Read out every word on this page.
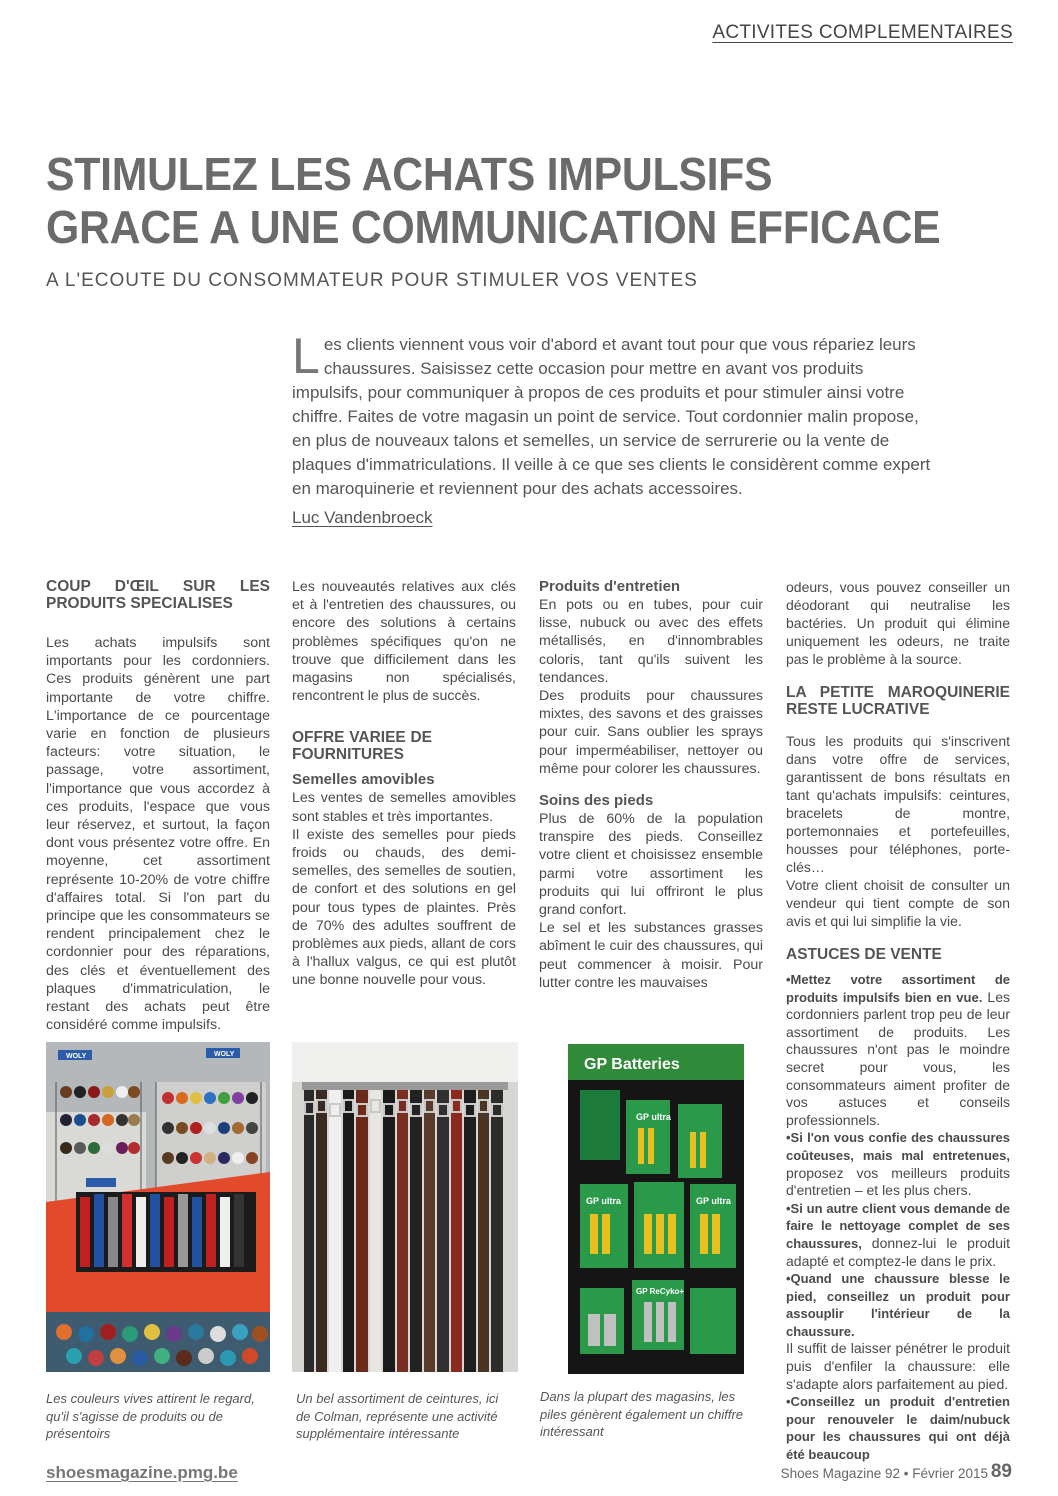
ACTIVITES COMPLEMENTAIRES
STIMULEZ LES ACHATS IMPULSIFS
GRACE A UNE COMMUNICATION EFFICACE
A L'ECOUTE DU CONSOMMATEUR POUR STIMULER VOS VENTES
Les clients viennent vous voir d'abord et avant tout pour que vous répariez leurs chaussures. Saisissez cette occasion pour mettre en avant vos produits impulsifs, pour communiquer à propos de ces produits et pour stimuler ainsi votre chiffre. Faites de votre magasin un point de service. Tout cordonnier malin propose, en plus de nouveaux talons et semelles, un service de serrurerie ou la vente de plaques d'immatriculations. Il veille à ce que ses clients le considèrent comme expert en maroquinerie et reviennent pour des achats accessoires.
Luc Vandenbroeck

COUP D'ŒIL SUR LES PRODUITS SPECIALISES

Les achats impulsifs sont importants pour les cordonniers. Ces produits génèrent une part importante de votre chiffre. L'importance de ce pourcentage varie en fonction de plusieurs facteurs: votre situation, le passage, votre assortiment, l'importance que vous accordez à ces produits, l'espace que vous leur réservez, et surtout, la façon dont vous présentez votre offre. En moyenne, cet assortiment représente 10-20% de votre chiffre d'affaires total. Si l'on part du principe que les consommateurs se rendent principalement chez le cordonnier pour des réparations, des clés et éventuellement des plaques d'immatriculation, le restant des achats peut être considéré comme impulsifs.

Les nouveautés relatives aux clés et à l'entretien des chaussures, ou encore des solutions à certains problèmes spécifiques qu'on ne trouve que difficilement dans les magasins non spécialisés, rencontrent le plus de succès.

OFFRE VARIEE DE FOURNITURES

Semelles amovibles

Les ventes de semelles amovibles sont stables et très importantes.

Il existe des semelles pour pieds froids ou chauds, des demi-semelles, des semelles de soutien, de confort et des solutions en gel pour tous types de plaintes. Près de 70% des adultes souffrent de problèmes aux pieds, allant de cors à l'hallux valgus, ce qui est plutôt une bonne nouvelle pour vous.

Produits d'entretien

En pots ou en tubes, pour cuir lisse, nubuck ou avec des effets métallisés, en d'innombrables coloris, tant qu'ils suivent les tendances.

Des produits pour chaussures mixtes, des savons et des graisses pour cuir. Sans oublier les sprays pour imperméabiliser, nettoyer ou même pour colorer les chaussures.

Soins des pieds

Plus de 60% de la population transpire des pieds. Conseillez votre client et choisissez ensemble parmi votre assortiment les produits qui lui offriront le plus grand confort.

Le sel et les substances grasses abîment le cuir des chaussures, qui peut commencer à moisir. Pour lutter contre les mauvaises

odeurs, vous pouvez conseiller un déodorant qui neutralise les bactéries. Un produit qui élimine uniquement les odeurs, ne traite pas le problème à la source.

LA PETITE MAROQUINERIE RESTE LUCRATIVE

Tous les produits qui s'inscrivent dans votre offre de services, garantissent de bons résultats en tant qu'achats impulsifs: ceintures, bracelets de montre, portemonnaies et portefeuilles, housses pour téléphones, porte-clés…

Votre client choisit de consulter un vendeur qui tient compte de son avis et qui lui simplifie la vie.

ASTUCES DE VENTE

•Mettez votre assortiment de produits impulsifs bien en vue. Les cordonniers parlent trop peu de leur assortiment de produits. Les chaussures n'ont pas le moindre secret pour vous, les consommateurs aiment profiter de vos astuces et conseils professionnels.

•Si l'on vous confie des chaussures coûteuses, mais mal entretenues, proposez vos meilleurs produits d'entretien – et les plus chers.

•Si un autre client vous demande de faire le nettoyage complet de ses chaussures, donnez-lui le produit adapté et comptez-le dans le prix.

•Quand une chaussure blesse le pied, conseillez un produit pour assouplir l'intérieur de la chaussure.

Il suffit de laisser pénétrer le produit puis d'enfiler la chaussure: elle s'adapte alors parfaitement au pied.

•Conseillez un produit d'entretien pour renouveler le daim/nubuck pour les chaussures qui ont déjà été beaucoup

WOLY	WOLY
GP Batteries
GP ultra
GP ultra	GP ultra
GP ReCyko+
Les couleurs vives attirent le regard, qu'il s'agisse de produits ou de présentoirs
Un bel assortiment de ceintures, ici de Colman, représente une activité supplémentaire intéressante
Dans la plupart des magasins, les piles génèrent également un chiffre intéressant
shoesmagazine.pmg.be	Shoes Magazine 92 • Février 2015 89
